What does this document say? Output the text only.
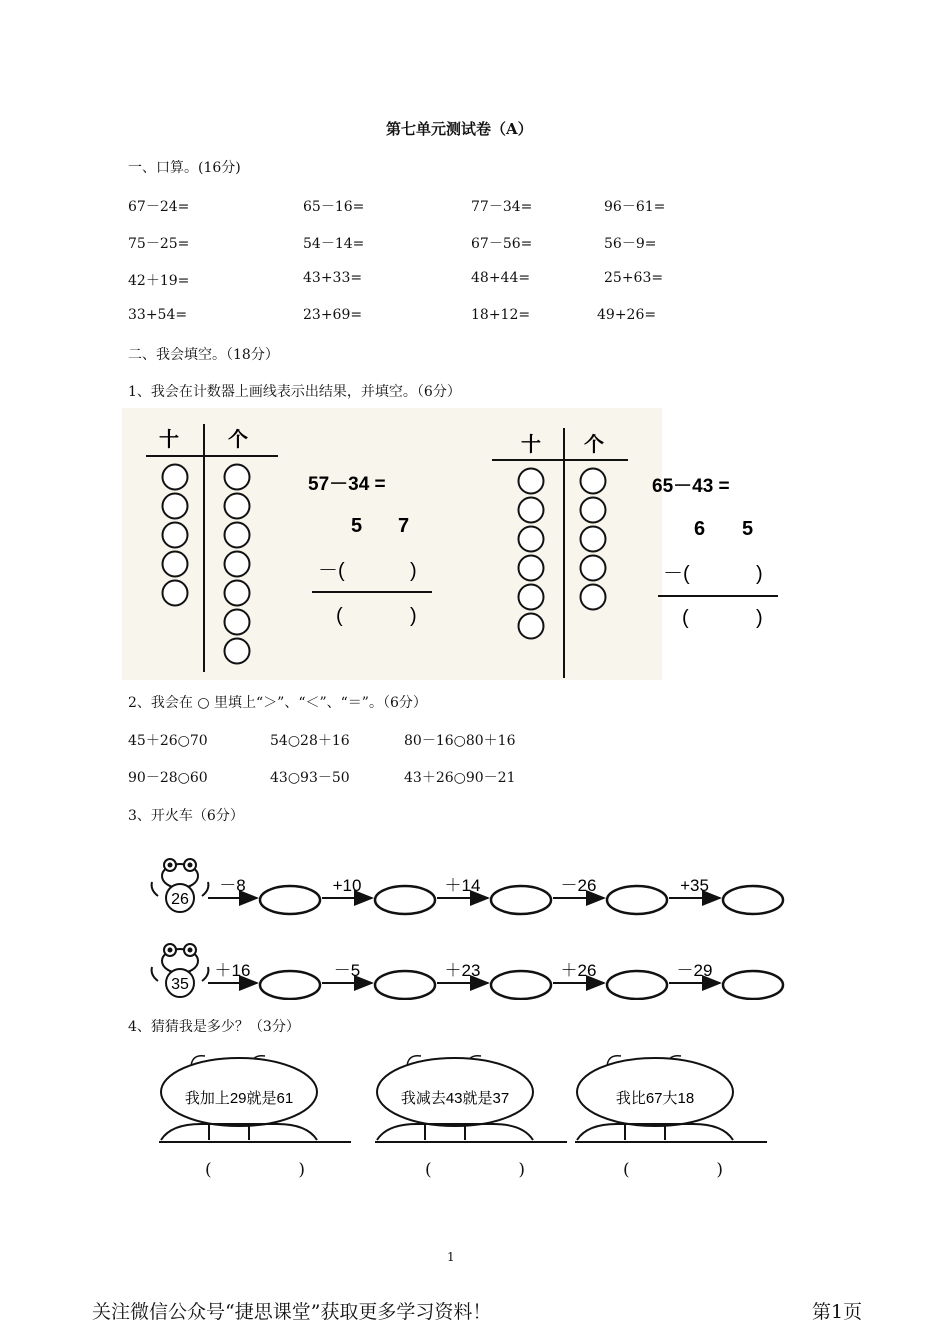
第七单元测试卷（A）
一、口算。(16分)
67－24=	65－16=	77－34=	96－61=
75－25=	54－14=	67－56=	56－9=
42＋19=	43+33=	48+44=	25+63=
33+54=	23+69=	18+12=	49+26=
二、我会填空。（18分）
1、我会在计数器上画线表示出结果，并填空。（6分）
十 个	十 个
57－34 =
5 7
－(	)
(	)
65－43 =
6 5
－(	)
(	)
2、我会在 ○ 里填上“＞”、“＜”、“＝”。（6分）
45＋26○70	54○28＋16	80－16○80＋16
90－28○60	43○93－50	43＋26○90－21
3、开火车（6分）
26
－8	+10	＋14	－26	+35
35
＋16	－5	＋23	＋26	－29
4、猜猜我是多少？（3分）
我加上29就是61	我减去43就是37	我比67大18
(	)	(	)	(	)
1
关注微信公众号“捷思课堂”获取更多学习资料！	第1页
